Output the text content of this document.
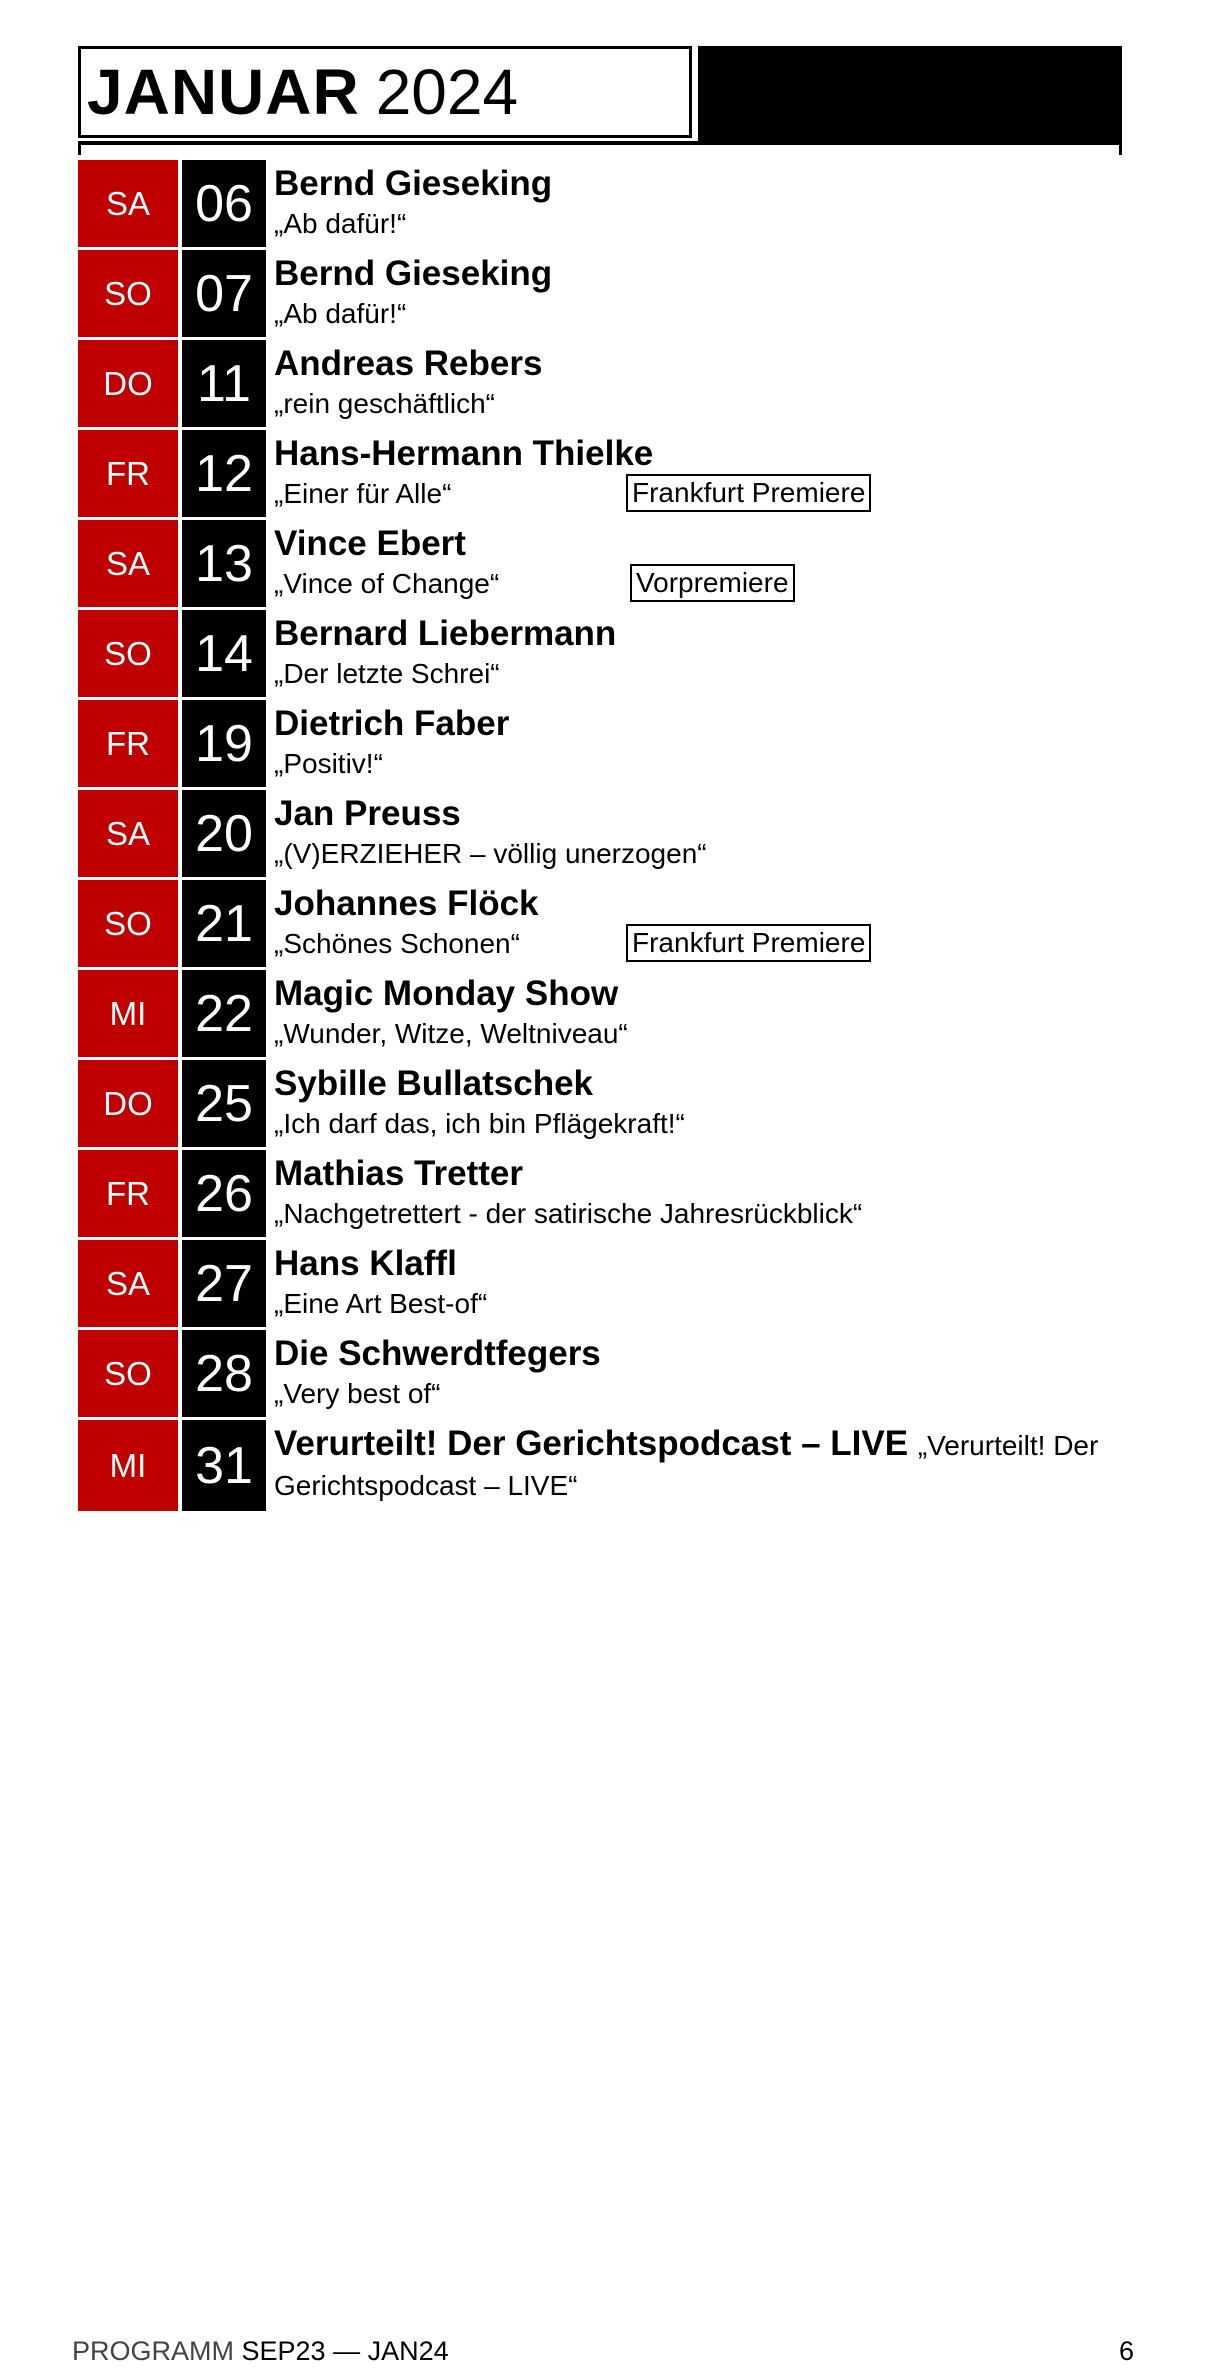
JANUAR 2024
SA 06 Bernd Gieseking
„Ab dafür!“
SO 07 Bernd Gieseking
„Ab dafür!“
DO 11 Andreas Rebers
„rein geschäftlich“
FR 12 Hans-Hermann Thielke
„Einer für Alle“	Frankfurt Premiere
SA 13 Vince Ebert
„Vince of Change“	Vorpremiere
SO 14 Bernard Liebermann
„Der letzte Schrei“
FR 19 Dietrich Faber
„Positiv!“
SA 20 Jan Preuss
„(V)ERZIEHER – völlig unerzogen“
SO 21 Johannes Flöck
„Schönes Schonen“	Frankfurt Premiere
MI 22 Magic Monday Show
„Wunder, Witze, Weltniveau“
DO 25 Sybille Bullatschek
„Ich darf das, ich bin Pflägekraft!“
FR 26 Mathias Tretter
„Nachgetrettert - der satirische Jahresrückblick“
SA 27 Hans Klaffl
„Eine Art Best-of“
SO 28 Die Schwerdtfegers
„Very best of“
MI 31 Verurteilt! Der Gerichtspodcast – LIVE „Verurteilt! Der
Gerichtspodcast – LIVE“
PROGRAMM SEP23 — JAN24	6
